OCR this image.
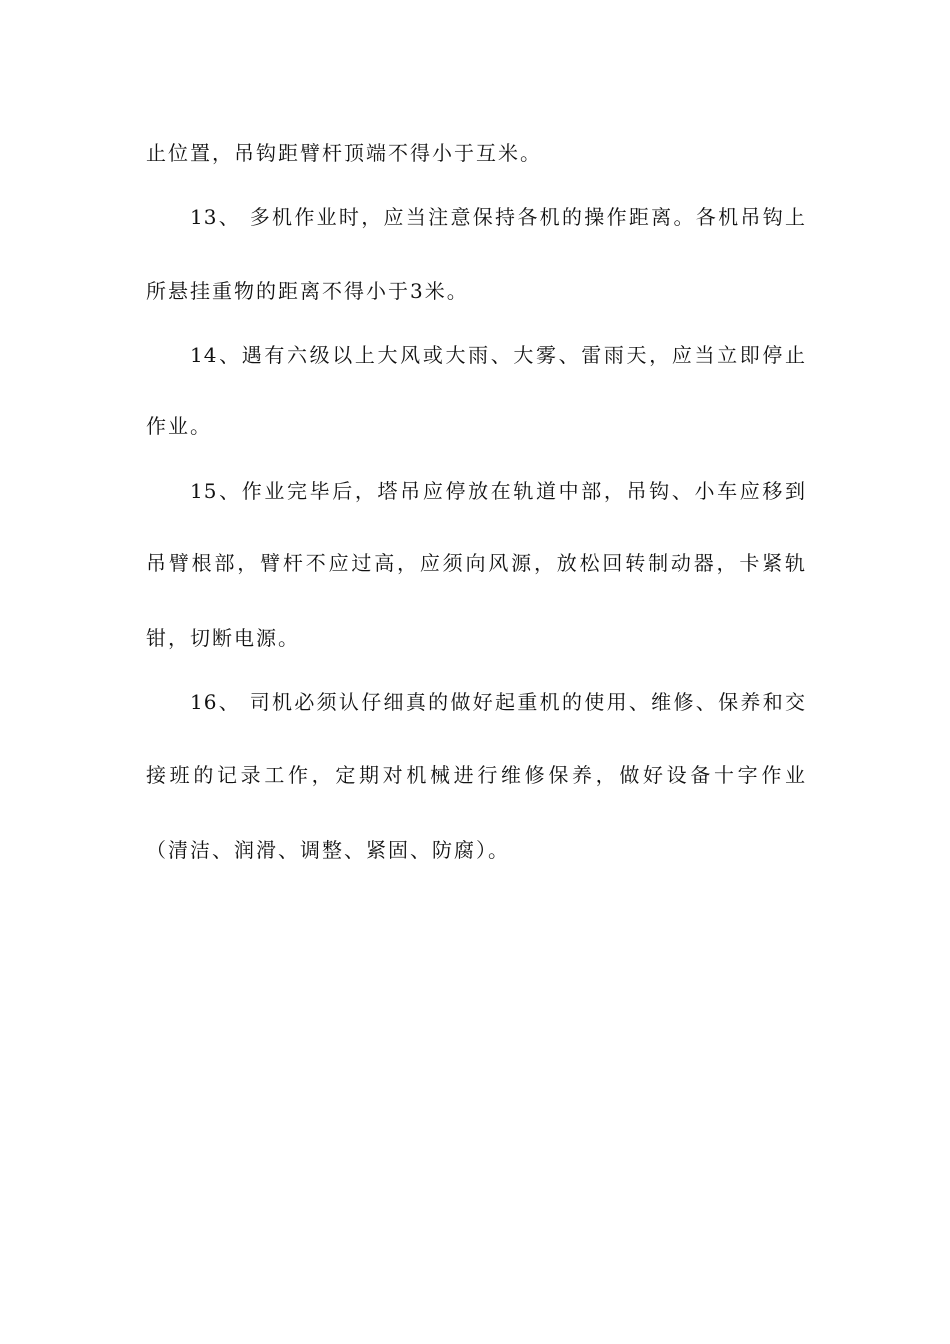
止位置，吊钩距臂杆顶端不得小于互米。
13、 多机作业时，应当注意保持各机的操作距离。各机吊钩上
所悬挂重物的距离不得小于3米。
14、遇有六级以上大风或大雨、大雾、雷雨天，应当立即停止
作业。
15、作业完毕后，塔吊应停放在轨道中部，吊钩、小车应移到
吊臂根部，臂杆不应过高，应须向风源，放松回转制动器，卡紧轨
钳，切断电源。
16、 司机必须认仔细真的做好起重机的使用、维修、保养和交
接班的记录工作，定期对机械进行维修保养，做好设备十字作业
（清洁、润滑、调整、紧固、防腐）。
